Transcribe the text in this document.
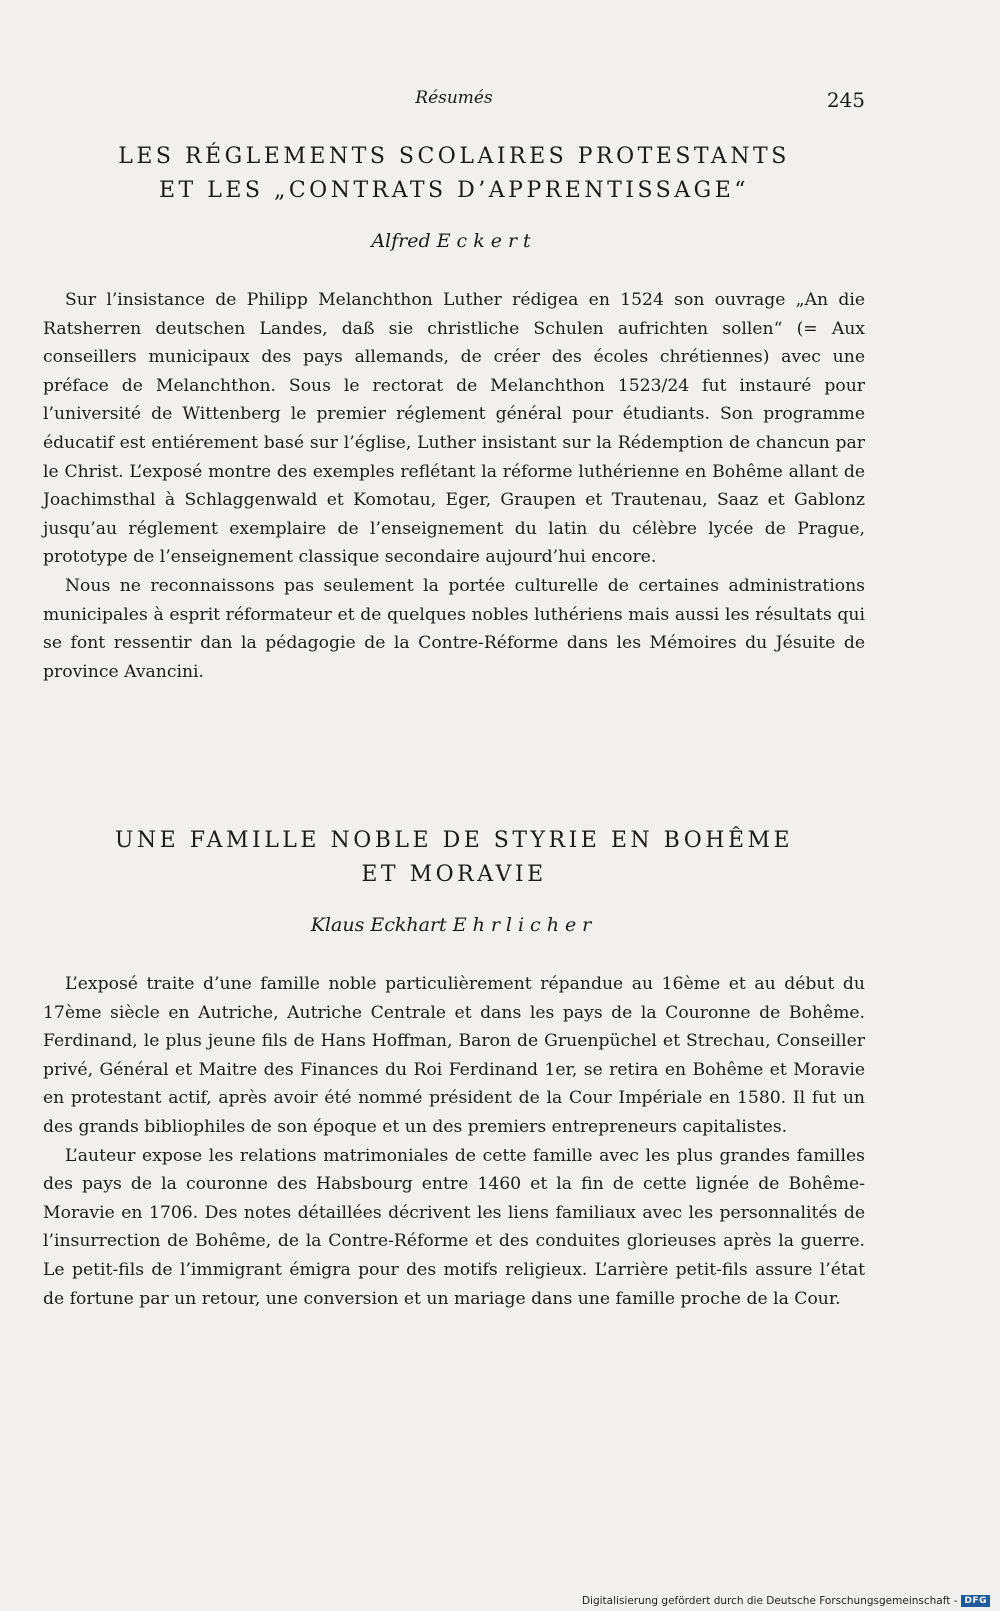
Résumés	245
LES RÉGLEMENTS SCOLAIRES PROTESTANTS
ET LES „CONTRATS D’APPRENTISSAGE“
Alfred Eckert

Sur l’insistance de Philipp Melanchthon Luther rédigea en 1524 son ouvrage „An die Ratsherren deutschen Landes, daß sie christliche Schulen aufrichten sollen“ (= Aux conseillers municipaux des pays allemands, de créer des écoles chrétiennes) avec une préface de Melanchthon. Sous le rectorat de Melanchthon 1523/24 fut instauré pour l’université de Wittenberg le premier réglement général pour étudiants. Son programme éducatif est entiérement basé sur l’église, Luther insistant sur la Rédemption de chancun par le Christ. L’exposé montre des exemples reflétant la réforme luthérienne en Bohême allant de Joachimsthal à Schlaggenwald et Komotau, Eger, Graupen et Trautenau, Saaz et Gablonz jusqu’au réglement exemplaire de l’enseignement du latin du célèbre lycée de Prague, prototype de l’enseignement classique secondaire aujourd’hui encore.

Nous ne reconnaissons pas seulement la portée culturelle de certaines administrations municipales à esprit réformateur et de quelques nobles luthériens mais aussi les résultats qui se font ressentir dan la pédagogie de la Contre-Réforme dans les Mémoires du Jésuite de province Avancini.

UNE FAMILLE NOBLE DE STYRIE EN BOHÊME
ET MORAVIE
Klaus Eckhart Ehrlicher

L’exposé traite d’une famille noble particulièrement répandue au 16ème et au début du 17ème siècle en Autriche, Autriche Centrale et dans les pays de la Couronne de Bohême. Ferdinand, le plus jeune fils de Hans Hoffman, Baron de Gruenpüchel et Strechau, Conseiller privé, Général et Maitre des Finances du Roi Ferdinand 1er, se retira en Bohême et Moravie en protestant actif, après avoir été nommé président de la Cour Impériale en 1580. Il fut un des grands bibliophiles de son époque et un des premiers entrepreneurs capitalistes.

L’auteur expose les relations matrimoniales de cette famille avec les plus grandes familles des pays de la couronne des Habsbourg entre 1460 et la fin de cette lignée de Bohême-Moravie en 1706. Des notes détaillées décrivent les liens familiaux avec les personnalités de l’insurrection de Bohême, de la Contre-Réforme et des conduites glorieuses après la guerre. Le petit-fils de l’immigrant émigra pour des motifs religieux. L’arrière petit-fils assure l’état de fortune par un retour, une conversion et un mariage dans une famille proche de la Cour.

Digitalisierung gefördert durch die Deutsche Forschungsgemeinschaft - DFG
